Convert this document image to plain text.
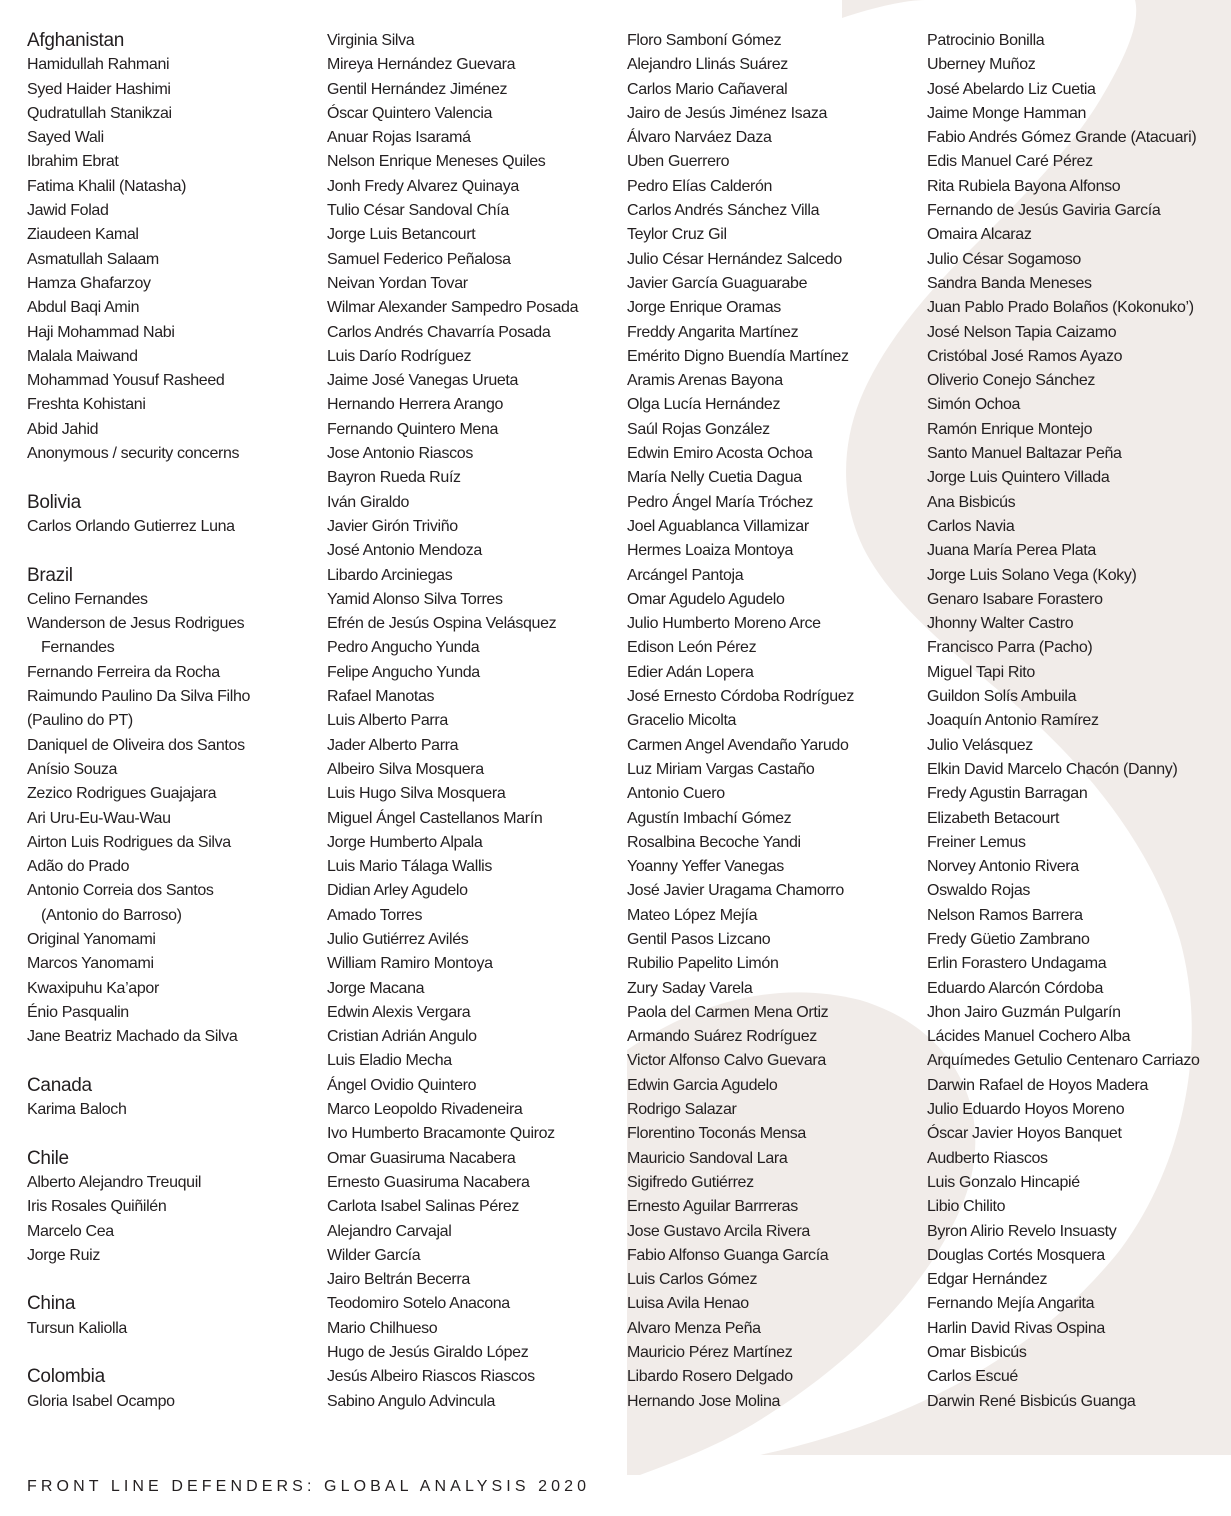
Afghanistan
Hamidullah Rahmani
Syed Haider Hashimi
Qudratullah Stanikzai
Sayed Wali
Ibrahim Ebrat
Fatima Khalil (Natasha)
Jawid Folad
Ziaudeen Kamal
Asmatullah Salaam
Hamza Ghafarzoy
Abdul Baqi Amin
Haji Mohammad Nabi
Malala Maiwand
Mohammad Yousuf Rasheed
Freshta Kohistani
Abid Jahid
Anonymous / security concerns
Bolivia
Carlos Orlando Gutierrez Luna
Brazil
Celino Fernandes
Wanderson de Jesus Rodrigues
Fernandes
Fernando Ferreira da Rocha
Raimundo Paulino Da Silva Filho
(Paulino do PT)
Daniquel de Oliveira dos Santos
Anísio Souza
Zezico Rodrigues Guajajara
Ari Uru-Eu-Wau-Wau
Airton Luis Rodrigues da Silva
Adão do Prado
Antonio Correia dos Santos
(Antonio do Barroso)
Original Yanomami
Marcos Yanomami
Kwaxipuhu Ka’apor
Énio Pasqualin
Jane Beatriz Machado da Silva
Canada
Karima Baloch
Chile
Alberto Alejandro Treuquil
Iris Rosales Quiñilén
Marcelo Cea
Jorge Ruiz
China
Tursun Kaliolla
Colombia
Gloria Isabel Ocampo
Virginia Silva
Mireya Hernández Guevara
Gentil Hernández Jiménez
Óscar Quintero Valencia
Anuar Rojas Isaramá
Nelson Enrique Meneses Quiles
Jonh Fredy Alvarez Quinaya
Tulio César Sandoval Chía
Jorge Luis Betancourt
Samuel Federico Peñalosa
Neivan Yordan Tovar
Wilmar Alexander Sampedro Posada
Carlos Andrés Chavarría Posada
Luis Darío Rodríguez
Jaime José Vanegas Urueta
Hernando Herrera Arango
Fernando Quintero Mena
Jose Antonio Riascos
Bayron Rueda Ruíz
Iván Giraldo
Javier Girón Triviño
José Antonio Mendoza
Libardo Arciniegas
Yamid Alonso Silva Torres
Efrén de Jesús Ospina Velásquez
Pedro Angucho Yunda
Felipe Angucho Yunda
Rafael Manotas
Luis Alberto Parra
Jader Alberto Parra
Albeiro Silva Mosquera
Luis Hugo Silva Mosquera
Miguel Ángel Castellanos Marín
Jorge Humberto Alpala
Luis Mario Tálaga Wallis
Didian Arley Agudelo
Amado Torres
Julio Gutiérrez Avilés
William Ramiro Montoya
Jorge Macana
Edwin Alexis Vergara
Cristian Adrián Angulo
Luis Eladio Mecha
Ángel Ovidio Quintero
Marco Leopoldo Rivadeneira
Ivo Humberto Bracamonte Quiroz
Omar Guasiruma Nacabera
Ernesto Guasiruma Nacabera
Carlota Isabel Salinas Pérez
Alejandro Carvajal
Wilder García
Jairo Beltrán Becerra
Teodomiro Sotelo Anacona
Mario Chilhueso
Hugo de Jesús Giraldo López
Jesús Albeiro Riascos Riascos
Sabino Angulo Advincula
Floro Samboní Gómez
Alejandro Llinás Suárez
Carlos Mario Cañaveral
Jairo de Jesús Jiménez Isaza
Álvaro Narváez Daza
Uben Guerrero
Pedro Elías Calderón
Carlos Andrés Sánchez Villa
Teylor Cruz Gil
Julio César Hernández Salcedo
Javier García Guaguarabe
Jorge Enrique Oramas
Freddy Angarita Martínez
Emérito Digno Buendía Martínez
Aramis Arenas Bayona
Olga Lucía Hernández
Saúl Rojas González
Edwin Emiro Acosta Ochoa
María Nelly Cuetia Dagua
Pedro Ángel María Tróchez
Joel Aguablanca Villamizar
Hermes Loaiza Montoya
Arcángel Pantoja
Omar Agudelo Agudelo
Julio Humberto Moreno Arce
Edison León Pérez
Edier Adán Lopera
José Ernesto Córdoba Rodríguez
Gracelio Micolta
Carmen Angel Avendaño Yarudo
Luz Miriam Vargas Castaño
Antonio Cuero
Agustín Imbachí Gómez
Rosalbina Becoche Yandi
Yoanny Yeffer Vanegas
José Javier Uragama Chamorro
Mateo López Mejía
Gentil Pasos Lizcano
Rubilio Papelito Limón
Zury Saday Varela
Paola del Carmen Mena Ortiz
Armando Suárez Rodríguez
Victor Alfonso Calvo Guevara
Edwin Garcia Agudelo
Rodrigo Salazar
Florentino Toconás Mensa
Mauricio Sandoval Lara
Sigifredo Gutiérrez
Ernesto Aguilar Barrreras
Jose Gustavo Arcila Rivera
Fabio Alfonso Guanga García
Luis Carlos Gómez
Luisa Avila Henao
Alvaro Menza Peña
Mauricio Pérez Martínez
Libardo Rosero Delgado
Hernando Jose Molina
Patrocinio Bonilla
Uberney Muñoz
José Abelardo Liz Cuetia
Jaime Monge Hamman
Fabio Andrés Gómez Grande (Atacuari)
Edis Manuel Caré Pérez
Rita Rubiela Bayona Alfonso
Fernando de Jesús Gaviria García
Omaira Alcaraz
Julio César Sogamoso
Sandra Banda Meneses
Juan Pablo Prado Bolaños (Kokonuko’)
José Nelson Tapia Caizamo
Cristóbal José Ramos Ayazo
Oliverio Conejo Sánchez
Simón Ochoa
Ramón Enrique Montejo
Santo Manuel Baltazar Peña
Jorge Luis Quintero Villada
Ana Bisbicús
Carlos Navia
Juana María Perea Plata
Jorge Luis Solano Vega (Koky)
Genaro Isabare Forastero
Jhonny Walter Castro
Francisco Parra (Pacho)
Miguel Tapi Rito
Guildon Solís Ambuila
Joaquín Antonio Ramírez
Julio Velásquez
Elkin David Marcelo Chacón (Danny)
Fredy Agustin Barragan
Elizabeth Betacourt
Freiner Lemus
Norvey Antonio Rivera
Oswaldo Rojas
Nelson Ramos Barrera
Fredy Güetio Zambrano
Erlin Forastero Undagama
Eduardo Alarcón Córdoba
Jhon Jairo Guzmán Pulgarín
Lácides Manuel Cochero Alba
Arquímedes Getulio Centenaro Carriazo
Darwin Rafael de Hoyos Madera
Julio Eduardo Hoyos Moreno
Óscar Javier Hoyos Banquet
Audberto Riascos
Luis Gonzalo Hincapié
Libio Chilito
Byron Alirio Revelo Insuasty
Douglas Cortés Mosquera
Edgar Hernández
Fernando Mejía Angarita
Harlin David Rivas Ospina
Omar Bisbicús
Carlos Escué
Darwin René Bisbicús Guanga
FRONT LINE DEFENDERS: GLOBAL ANALYSIS 2020
